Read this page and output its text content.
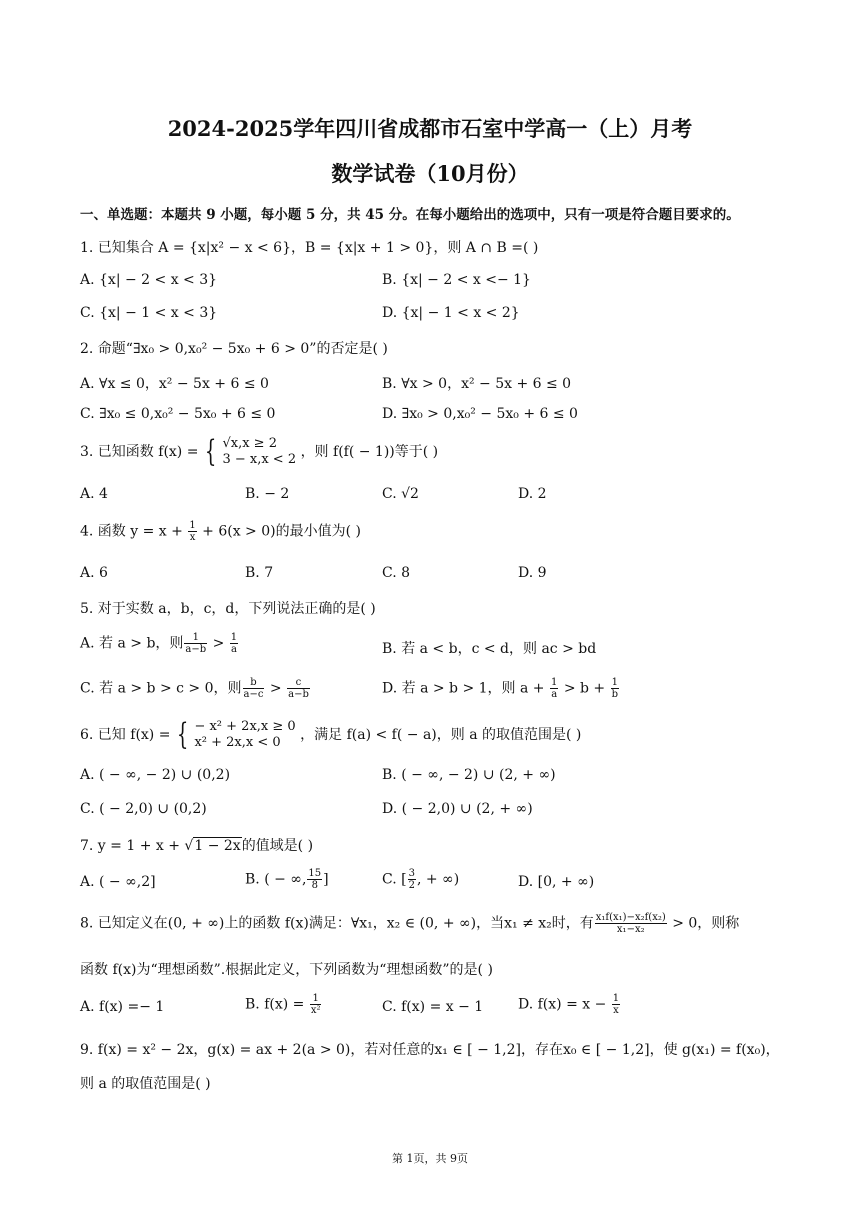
2024-2025学年四川省成都市石室中学高一（上）月考
数学试卷（10月份）
一、单选题：本题共 9 小题，每小题 5 分，共 45 分。在每小题给出的选项中，只有一项是符合题目要求的。
1. 已知集合 A = {x|x² − x < 6}，B = {x|x + 1 > 0}，则 A ∩ B =( )
A. {x| − 2 < x < 3}	B. {x| − 2 < x <− 1}
C. {x| − 1 < x < 3}	D. {x| − 1 < x < 2}
2. 命题“∃x₀ > 0,x₀² − 5x₀ + 6 > 0”的否定是( )
A. ∀x ≤ 0，x² − 5x + 6 ≤ 0	B. ∀x > 0，x² − 5x + 6 ≤ 0
C. ∃x₀ ≤ 0,x₀² − 5x₀ + 6 ≤ 0	D. ∃x₀ > 0,x₀² − 5x₀ + 6 ≤ 0
3. 已知函数 f(x) = { √x,x ≥ 2
3 − x,x < 2 ，则 f(f( − 1))等于( )
A. 4	B. − 2	C. √2	D. 2
4. 函数 $y = x + \frac{1}{x} + 6(x > 0)$的最小值为( )
A. 6	B. 7	C. 8	D. 9
5. 对于实数 a，b，c，d，下列说法正确的是( )
A. 若 a > b，则 $\frac{1}{a-b} > \frac{1}{a}$	B. 若 a < b，c < d，则 ac > bd
C. 若 a > b > c > 0，则 $\frac{b}{a-c} > \frac{c}{a-b}$	D. 若 a > b > 1，则 $a + \frac{1}{a} > b + \frac{1}{b}$
6. 已知 f(x) = { − x² + 2x,x ≥ 0
x² + 2x,x < 0	，满足 f(a) < f( − a)，则 a 的取值范围是( )
A. ( − ∞, − 2) ∪ (0,2)	B. ( − ∞, − 2) ∪ (2, + ∞)
C. ( − 2,0) ∪ (0,2)	D. ( − 2,0) ∪ (2, + ∞)
7. y = 1 + x + √1 − 2x的值域是( )
A. ( − ∞,2]	B. ( − ∞, $\frac{15}{8}$ ]	C. [ $\frac{3}{2}$ , + ∞)	D. [0, + ∞)
8. 已知定义在(0, + ∞)上的函数 f(x)满足：∀x₁，x₂ ∈ (0, + ∞)，当x₁ ≠ x₂时，有 $\frac{\text{x₁f(x₁)−x₂f(x₂)}}{\text{x₁−x₂}} > 0$，则称
函数 f(x)为“理想函数”.根据此定义，下列函数为“理想函数”的是( )
A. f(x) =− 1	B. $f(x) = \frac{1}{\text{x²}}$	C. f(x) = x − 1 D. $f(x) = x - \frac{1}{x}$
9. f(x) = x² − 2x，g(x) = ax + 2(a > 0)，若对任意的x₁ ∈ [ − 1,2]，存在x₀ ∈ [ − 1,2]，使 g(x₁) = f(x₀)，
则 a 的取值范围是( )
第 1页，共 9页
